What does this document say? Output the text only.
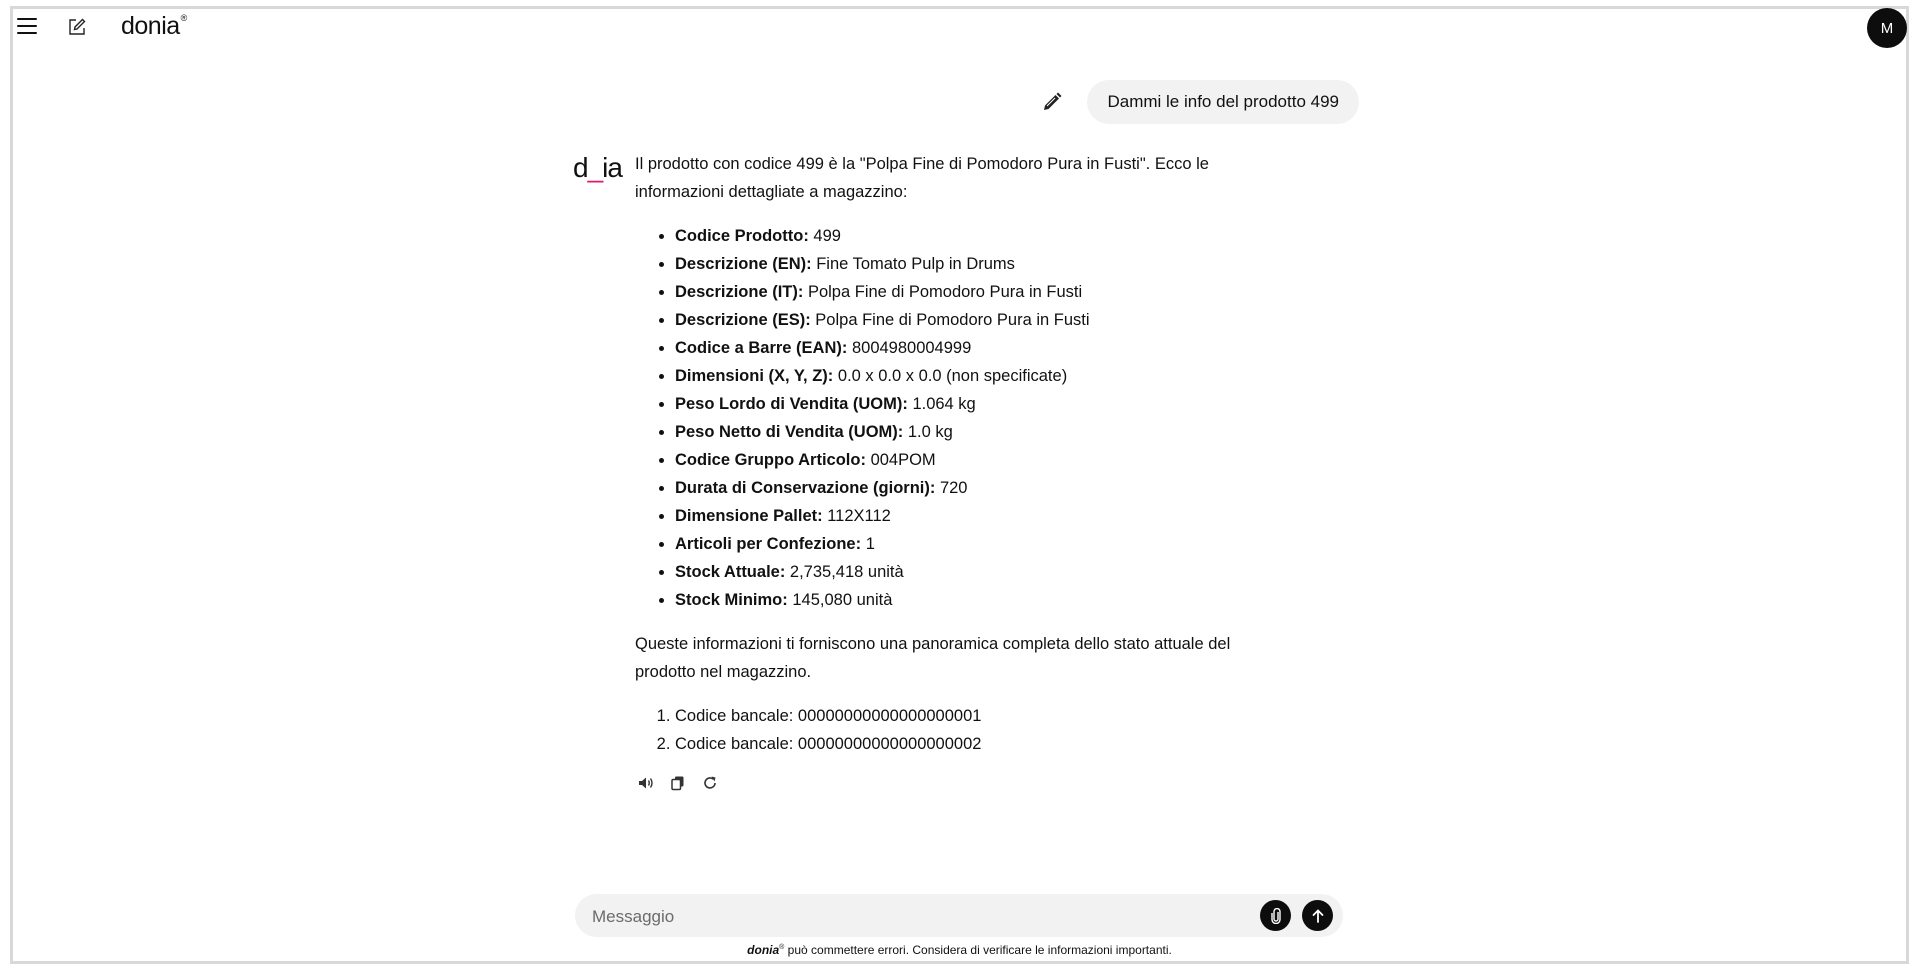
donia®
M
Dammi le info del prodotto 499
d_ia Il prodotto con codice 499 è la "Polpa Fine di Pomodoro Pura in Fusti". Ecco le informazioni dettagliate a magazzino:

• Codice Prodotto: 499
• Descrizione (EN): Fine Tomato Pulp in Drums
• Descrizione (IT): Polpa Fine di Pomodoro Pura in Fusti
• Descrizione (ES): Polpa Fine di Pomodoro Pura in Fusti
• Codice a Barre (EAN): 8004980004999
• Dimensioni (X, Y, Z): 0.0 x 0.0 x 0.0 (non specificate)
• Peso Lordo di Vendita (UOM): 1.064 kg
• Peso Netto di Vendita (UOM): 1.0 kg
• Codice Gruppo Articolo: 004POM
• Durata di Conservazione (giorni): 720
• Dimensione Pallet: 112X112
• Articoli per Confezione: 1
• Stock Attuale: 2,735,418 unità
• Stock Minimo: 145,080 unità

Queste informazioni ti forniscono una panoramica completa dello stato attuale del prodotto nel magazzino.

1. Codice bancale: 00000000000000000001
2. Codice bancale: 00000000000000000002
Messaggio
donia® può commettere errori. Considera di verificare le informazioni importanti.
